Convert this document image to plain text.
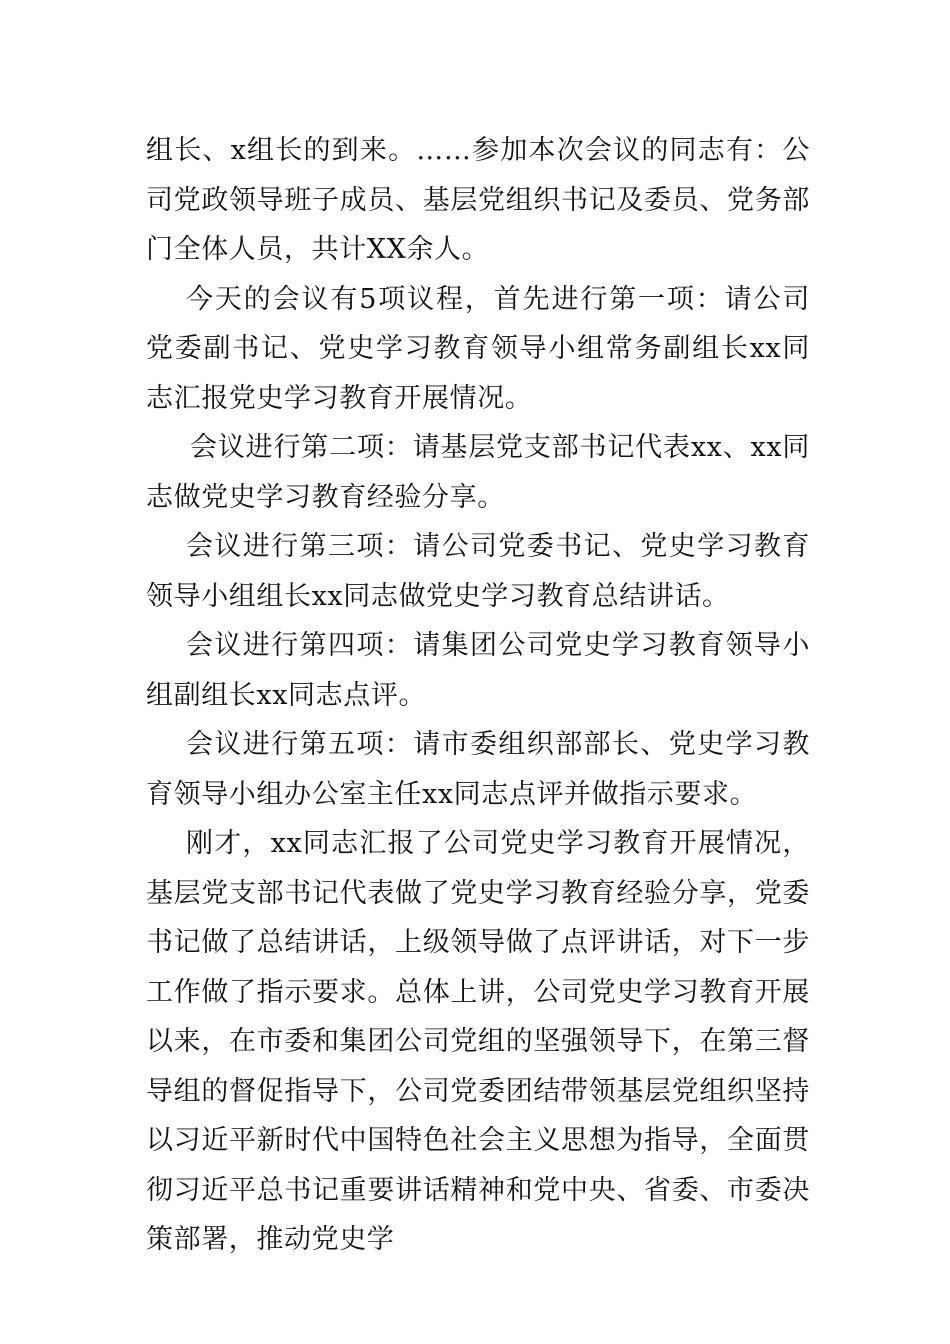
组长、x组长的到来。……参加本次会议的同志有：公司党政领导班子成员、基层党组织书记及委员、党务部门全体人员，共计XX余人。

今天的会议有5项议程，首先进行第一项：请公司党委副书记、党史学习教育领导小组常务副组长xx同志汇报党史学习教育开展情况。

会议进行第二项：请基层党支部书记代表xx、xx同志做党史学习教育经验分享。

会议进行第三项：请公司党委书记、党史学习教育领导小组组长xx同志做党史学习教育总结讲话。

会议进行第四项：请集团公司党史学习教育领导小组副组长xx同志点评。

会议进行第五项：请市委组织部部长、党史学习教育领导小组办公室主任xx同志点评并做指示要求。

刚才，xx同志汇报了公司党史学习教育开展情况，基层党支部书记代表做了党史学习教育经验分享，党委书记做了总结讲话，上级领导做了点评讲话，对下一步工作做了指示要求。总体上讲，公司党史学习教育开展以来，在市委和集团公司党组的坚强领导下，在第三督导组的督促指导下，公司党委团结带领基层党组织坚持以习近平新时代中国特色社会主义思想为指导，全面贯彻习近平总书记重要讲话精神和党中央、省委、市委决策部署，推动党史学
